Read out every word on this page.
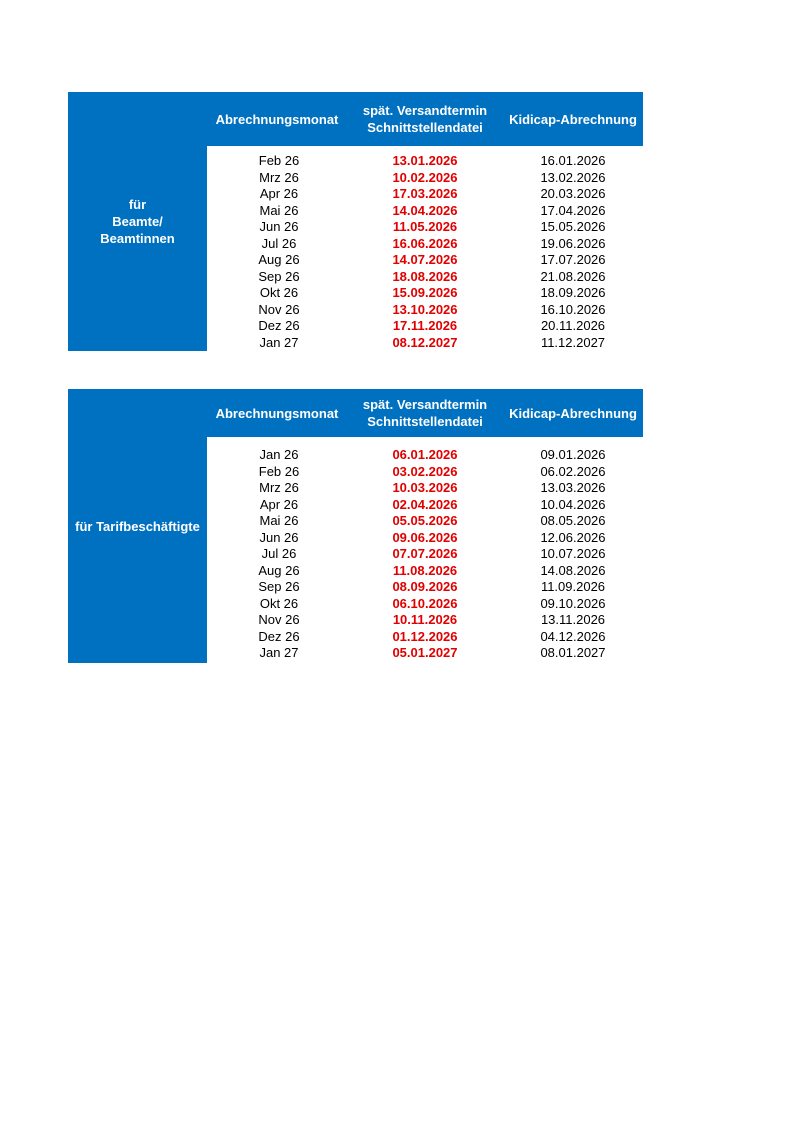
für
Beamte/
Beamtinnen
Abrechnungsmonat
spät. Versandtermin
Schnittstellendatei
Kidicap-Abrechnung
Feb 26	13.01.2026	16.01.2026
Mrz 26	10.02.2026	13.02.2026
Apr 26	17.03.2026	20.03.2026
Mai 26	14.04.2026	17.04.2026
Jun 26	11.05.2026	15.05.2026
Jul 26	16.06.2026	19.06.2026
Aug 26	14.07.2026	17.07.2026
Sep 26	18.08.2026	21.08.2026
Okt 26	15.09.2026	18.09.2026
Nov 26	13.10.2026	16.10.2026
Dez 26	17.11.2026	20.11.2026
Jan 27	08.12.2027	11.12.2027
für Tarifbeschäftigte
Abrechnungsmonat
spät. Versandtermin
Schnittstellendatei
Kidicap-Abrechnung
Jan 26	06.01.2026	09.01.2026
Feb 26	03.02.2026	06.02.2026
Mrz 26	10.03.2026	13.03.2026
Apr 26	02.04.2026	10.04.2026
Mai 26	05.05.2026	08.05.2026
Jun 26	09.06.2026	12.06.2026
Jul 26	07.07.2026	10.07.2026
Aug 26	11.08.2026	14.08.2026
Sep 26	08.09.2026	11.09.2026
Okt 26	06.10.2026	09.10.2026
Nov 26	10.11.2026	13.11.2026
Dez 26	01.12.2026	04.12.2026
Jan 27	05.01.2027	08.01.2027
